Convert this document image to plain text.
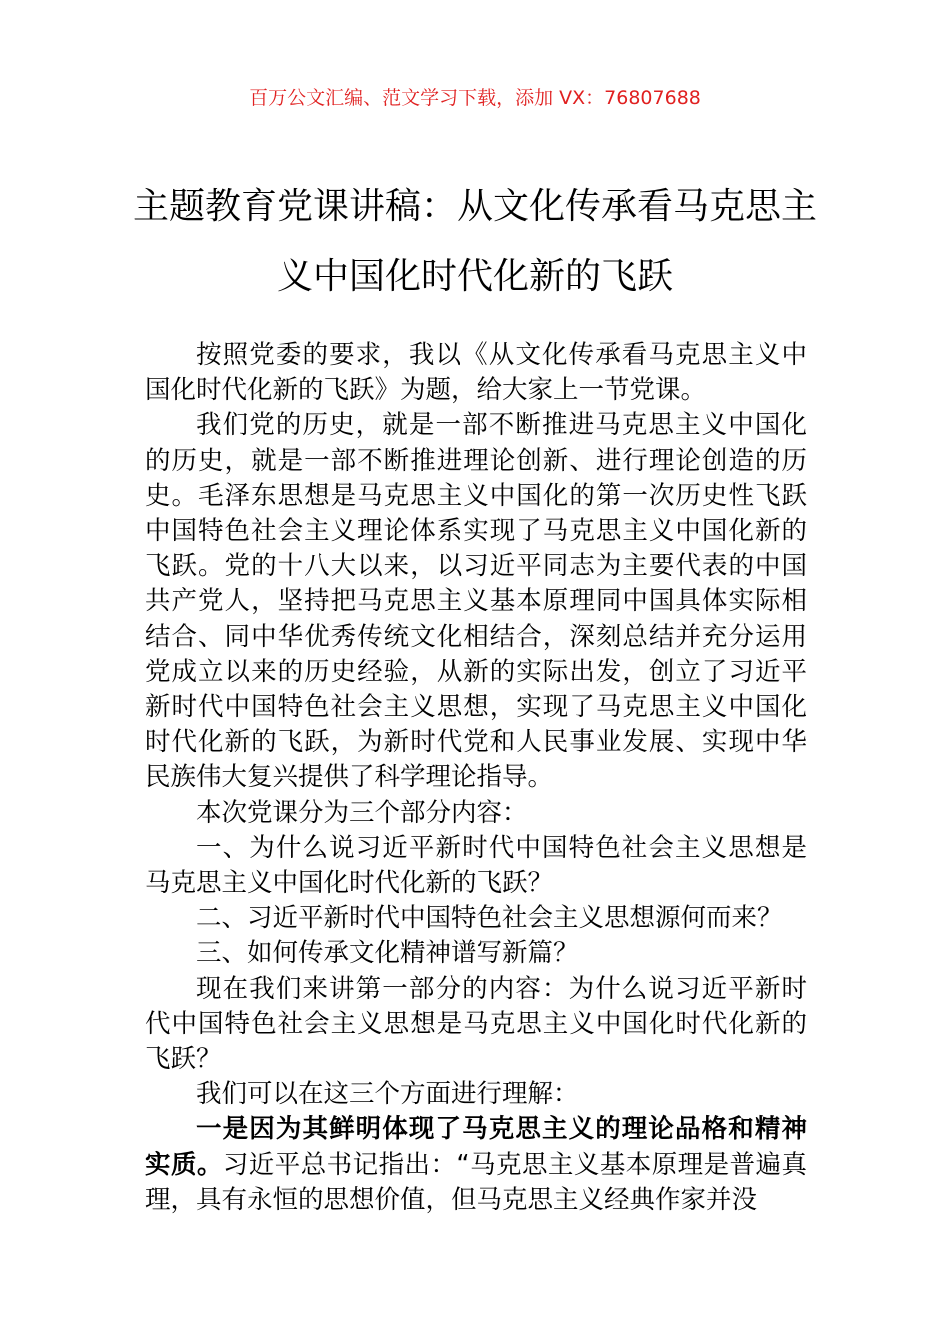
百万公文汇编、范文学习下载，添加 VX：76807688
主题教育党课讲稿：从文化传承看马克思主义中国化时代化新的飞跃

按照党委的要求，我以《从文化传承看马克思主义中国化时代化新的飞跃》为题，给大家上一节党课。

我们党的历史，就是一部不断推进马克思主义中国化的历史，就是一部不断推进理论创新、进行理论创造的历史。毛泽东思想是马克思主义中国化的第一次历史性飞跃中国特色社会主义理论体系实现了马克思主义中国化新的飞跃。党的十八大以来，以习近平同志为主要代表的中国共产党人，坚持把马克思主义基本原理同中国具体实际相结合、同中华优秀传统文化相结合，深刻总结并充分运用党成立以来的历史经验，从新的实际出发，创立了习近平新时代中国特色社会主义思想，实现了马克思主义中国化时代化新的飞跃，为新时代党和人民事业发展、实现中华民族伟大复兴提供了科学理论指导。

本次党课分为三个部分内容：

一、为什么说习近平新时代中国特色社会主义思想是马克思主义中国化时代化新的飞跃？

二、习近平新时代中国特色社会主义思想源何而来？

三、如何传承文化精神谱写新篇？

现在我们来讲第一部分的内容：为什么说习近平新时代中国特色社会主义思想是马克思主义中国化时代化新的飞跃？

我们可以在这三个方面进行理解：

一是因为其鲜明体现了马克思主义的理论品格和精神实质。习近平总书记指出：“马克思主义基本原理是普遍真理，具有永恒的思想价值，但马克思主义经典作家并没
